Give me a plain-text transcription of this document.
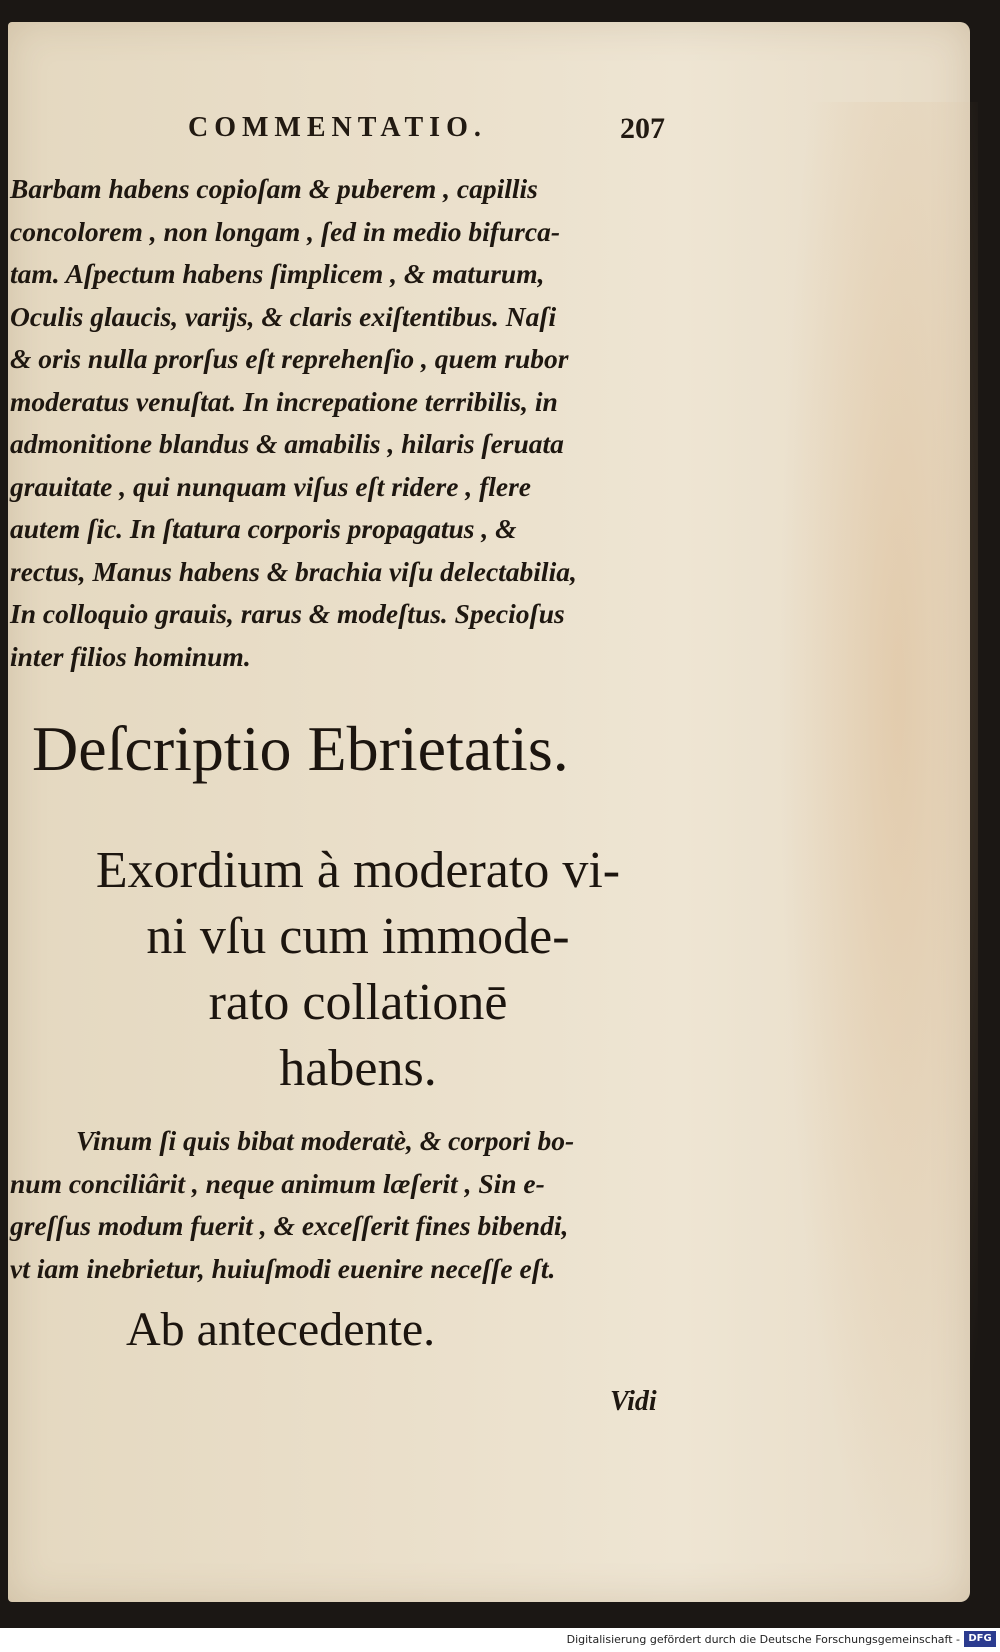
COMMENTATIO.	207
Barbam habens copioſam & puberem , capillis
concolorem , non longam , ſed in medio bifurca-
tam. Aſpectum habens ſimplicem , & maturum,
Oculis glaucis, varijs, & claris exiſtentibus. Naſi
& oris nulla prorſus eſt reprehenſio , quem rubor
moderatus venuſtat. In increpatione terribilis, in
admonitione blandus & amabilis , hilaris ſeruata
grauitate , qui nunquam viſus eſt ridere , flere
autem ſic. In ſtatura corporis propagatus , &
rectus, Manus habens & brachia viſu delectabilia,
In colloquio grauis, rarus & modeſtus. Specioſus
inter filios hominum.
Deſcriptio Ebrietatis.
Exordium à moderato vi-
ni vſu cum immode-
rato collationē
habens.
Vinum ſi quis bibat moderatè, & corpori bo-
num conciliârit , neque animum læſerit , Sin e-
greſſus modum fuerit , & exceſſerit fines bibendi,
vt iam inebrietur, huiuſmodi euenire neceſſe eſt.
Ab antecedente.
Vidi
Digitalisierung gefördert durch die Deutsche Forschungsgemeinschaft - DFG
